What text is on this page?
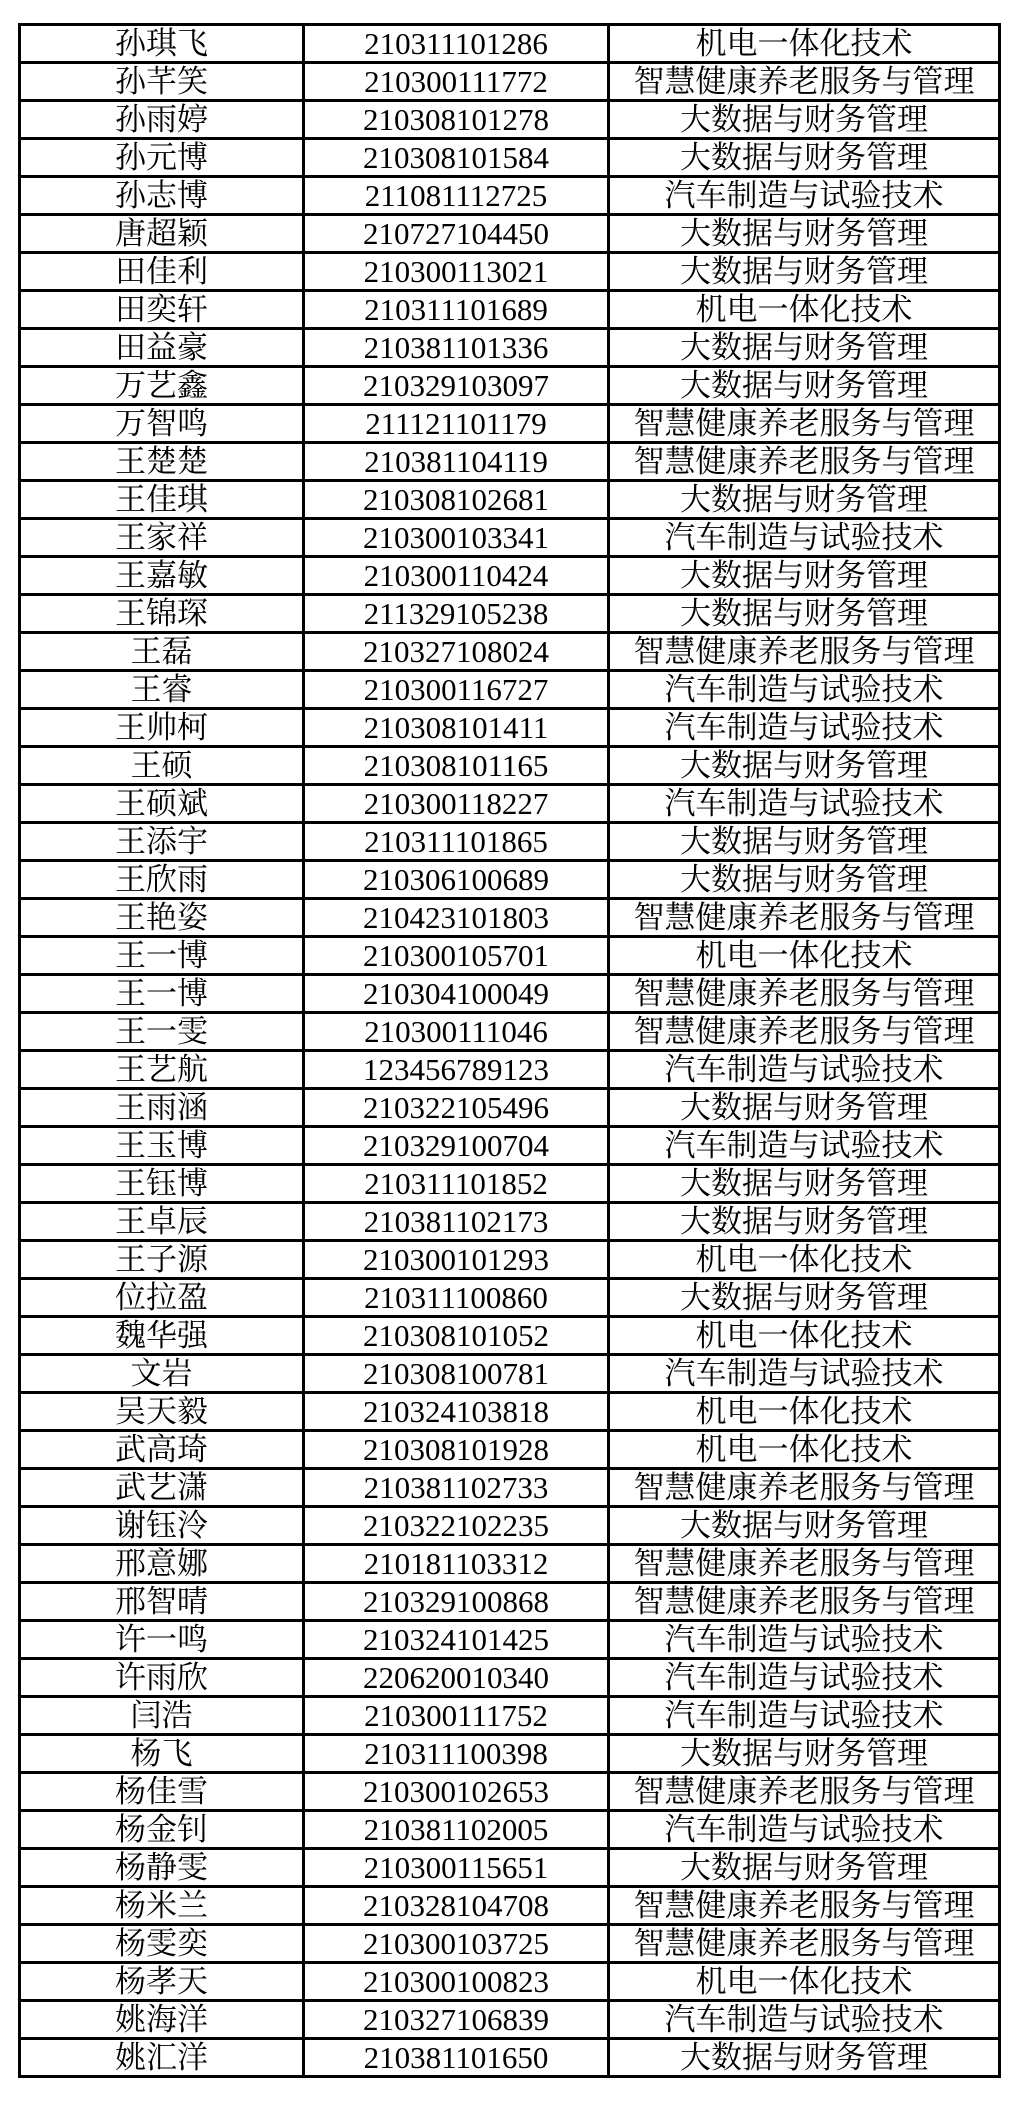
孙琪飞	210311101286	机电一体化技术
孙芊笑	210300111772	智慧健康养老服务与管理
孙雨婷	210308101278	大数据与财务管理
孙元博	210308101584	大数据与财务管理
孙志博	211081112725	汽车制造与试验技术
唐超颖	210727104450	大数据与财务管理
田佳利	210300113021	大数据与财务管理
田奕轩	210311101689	机电一体化技术
田益豪	210381101336	大数据与财务管理
万艺鑫	210329103097	大数据与财务管理
万智鸣	211121101179	智慧健康养老服务与管理
王楚楚	210381104119	智慧健康养老服务与管理
王佳琪	210308102681	大数据与财务管理
王家祥	210300103341	汽车制造与试验技术
王嘉敏	210300110424	大数据与财务管理
王锦琛	211329105238	大数据与财务管理
王磊	210327108024	智慧健康养老服务与管理
王睿	210300116727	汽车制造与试验技术
王帅柯	210308101411	汽车制造与试验技术
王硕	210308101165	大数据与财务管理
王硕斌	210300118227	汽车制造与试验技术
王添宇	210311101865	大数据与财务管理
王欣雨	210306100689	大数据与财务管理
王艳姿	210423101803	智慧健康养老服务与管理
王一博	210300105701	机电一体化技术
王一博	210304100049	智慧健康养老服务与管理
王一雯	210300111046	智慧健康养老服务与管理
王艺航	123456789123	汽车制造与试验技术
王雨涵	210322105496	大数据与财务管理
王玉博	210329100704	汽车制造与试验技术
王钰博	210311101852	大数据与财务管理
王卓辰	210381102173	大数据与财务管理
王子源	210300101293	机电一体化技术
位拉盈	210311100860	大数据与财务管理
魏华强	210308101052	机电一体化技术
文岩	210308100781	汽车制造与试验技术
吴天毅	210324103818	机电一体化技术
武高琦	210308101928	机电一体化技术
武艺潇	210381102733	智慧健康养老服务与管理
谢钰泠	210322102235	大数据与财务管理
邢意娜	210181103312	智慧健康养老服务与管理
邢智晴	210329100868	智慧健康养老服务与管理
许一鸣	210324101425	汽车制造与试验技术
许雨欣	220620010340	汽车制造与试验技术
闫浩	210300111752	汽车制造与试验技术
杨飞	210311100398	大数据与财务管理
杨佳雪	210300102653	智慧健康养老服务与管理
杨金钊	210381102005	汽车制造与试验技术
杨静雯	210300115651	大数据与财务管理
杨米兰	210328104708	智慧健康养老服务与管理
杨雯奕	210300103725	智慧健康养老服务与管理
杨孝天	210300100823	机电一体化技术
姚海洋	210327106839	汽车制造与试验技术
姚汇洋	210381101650	大数据与财务管理
